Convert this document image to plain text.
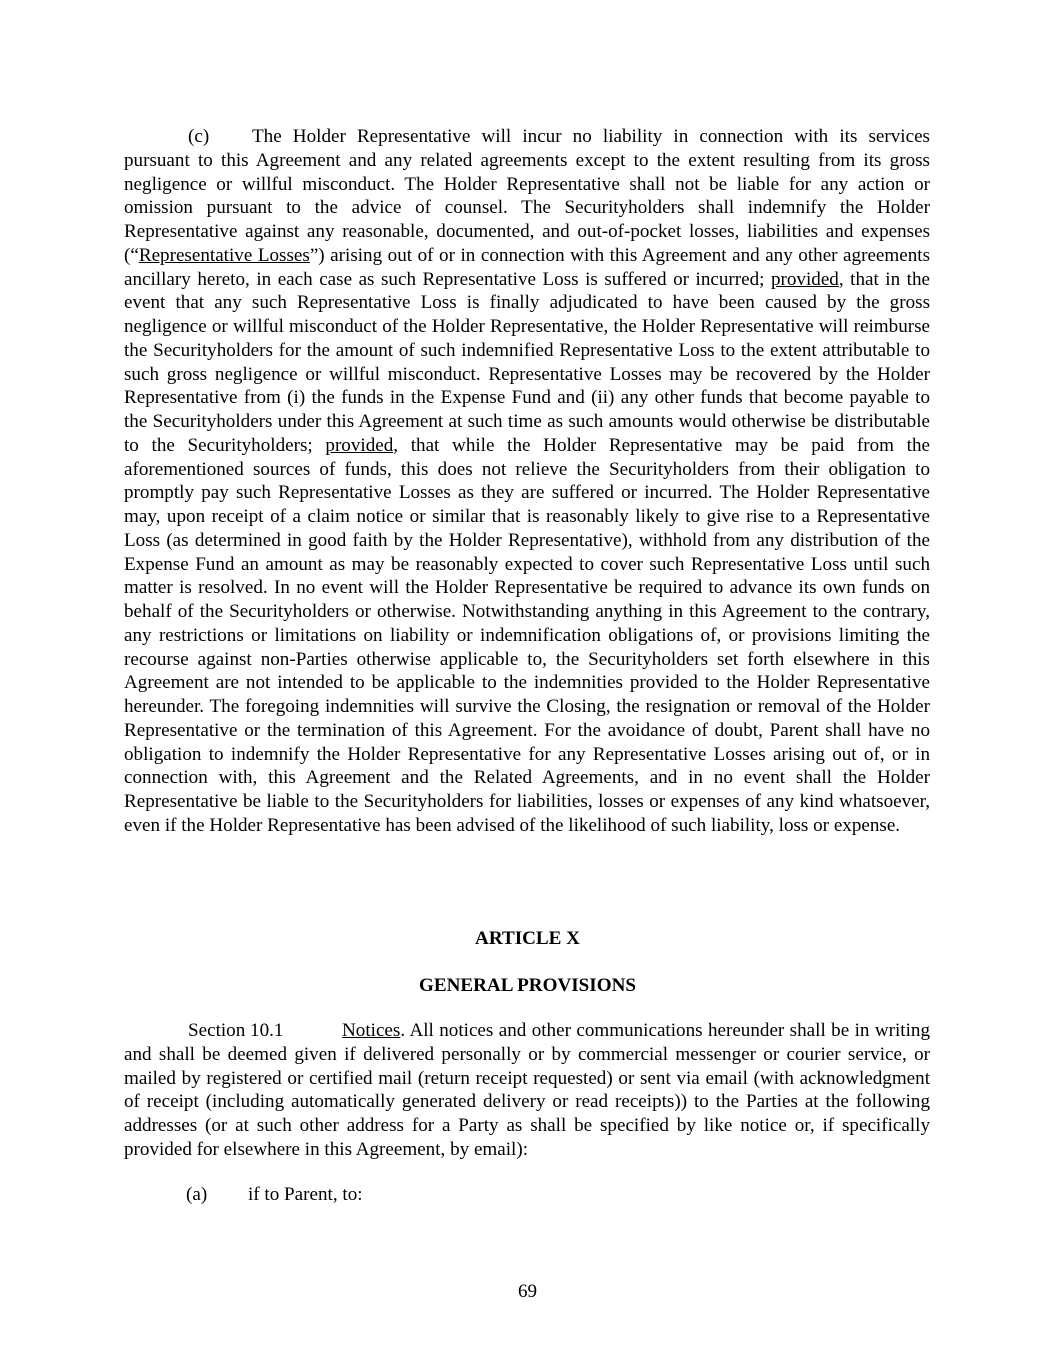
(c) The Holder Representative will incur no liability in connection with its services pursuant to this Agreement and any related agreements except to the extent resulting from its gross negligence or willful misconduct. The Holder Representative shall not be liable for any action or omission pursuant to the advice of counsel. The Securityholders shall indemnify the Holder Representative against any reasonable, documented, and out-of-pocket losses, liabilities and expenses (“Representative Losses”) arising out of or in connection with this Agreement and any other agreements ancillary hereto, in each case as such Representative Loss is suffered or incurred; provided, that in the event that any such Representative Loss is finally adjudicated to have been caused by the gross negligence or willful misconduct of the Holder Representative, the Holder Representative will reimburse the Securityholders for the amount of such indemnified Representative Loss to the extent attributable to such gross negligence or willful misconduct. Representative Losses may be recovered by the Holder Representative from (i) the funds in the Expense Fund and (ii) any other funds that become payable to the Securityholders under this Agreement at such time as such amounts would otherwise be distributable to the Securityholders; provided, that while the Holder Representative may be paid from the aforementioned sources of funds, this does not relieve the Securityholders from their obligation to promptly pay such Representative Losses as they are suffered or incurred. The Holder Representative may, upon receipt of a claim notice or similar that is reasonably likely to give rise to a Representative Loss (as determined in good faith by the Holder Representative), withhold from any distribution of the Expense Fund an amount as may be reasonably expected to cover such Representative Loss until such matter is resolved. In no event will the Holder Representative be required to advance its own funds on behalf of the Securityholders or otherwise. Notwithstanding anything in this Agreement to the contrary, any restrictions or limitations on liability or indemnification obligations of, or provisions limiting the recourse against non-Parties otherwise applicable to, the Securityholders set forth elsewhere in this Agreement are not intended to be applicable to the indemnities provided to the Holder Representative hereunder. The foregoing indemnities will survive the Closing, the resignation or removal of the Holder Representative or the termination of this Agreement. For the avoidance of doubt, Parent shall have no obligation to indemnify the Holder Representative for any Representative Losses arising out of, or in connection with, this Agreement and the Related Agreements, and in no event shall the Holder Representative be liable to the Securityholders for liabilities, losses or expenses of any kind whatsoever, even if the Holder Representative has been advised of the likelihood of such liability, loss or expense.

ARTICLE X

GENERAL PROVISIONS

Section 10.1	Notices. All notices and other communications hereunder shall be in writing and shall be deemed given if delivered personally or by commercial messenger or courier service, or mailed by registered or certified mail (return receipt requested) or sent via email (with acknowledgment of receipt (including automatically generated delivery or read receipts)) to the Parties at the following addresses (or at such other address for a Party as shall be specified by like notice or, if specifically provided for elsewhere in this Agreement, by email):

(a) if to Parent, to:

69
